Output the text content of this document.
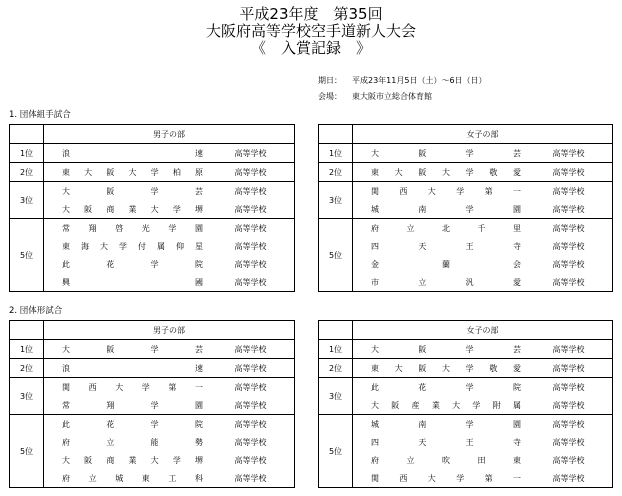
平成23年度　第35回
大阪府高等学校空手道新人大会
《　入賞記録　》
期日： 平成23年11月5日（土）～6日（日）
会場： 東大阪市立総合体育館
1. 団体組手試合
2. 団体形試合
	男子の部	
1位	浪速	高等学校
2位	東大阪大学柏原	高等学校
3位	大阪学芸	高等学校
	大阪商業大学堺	高等学校
5位	常翔啓光学園	高等学校
	東海大学付属仰星	高等学校
	此花学院	高等学校
	興國	高等学校
	女子の部	
1位	大阪学芸	高等学校
2位	東大阪大学敬愛	高等学校
3位	関西大学第一	高等学校
	城南学園	高等学校
5位	府立北千里	高等学校
	四天王寺	高等学校
	金蘭会	高等学校
	市立汎愛	高等学校
	男子の部	
1位	大阪学芸	高等学校
2位	浪速	高等学校
3位	関西大学第一	高等学校
	常翔学園	高等学校
5位	此花学院	高等学校
	府立能勢	高等学校
	大阪商業大学堺	高等学校
	府立城東工科	高等学校
	女子の部	
1位	大阪学芸	高等学校
2位	東大阪大学敬愛	高等学校
3位	此花学院	高等学校
	大阪産業大学附属	高等学校
5位	城南学園	高等学校
	四天王寺	高等学校
	府立吹田東	高等学校
	関西大学第一	高等学校
